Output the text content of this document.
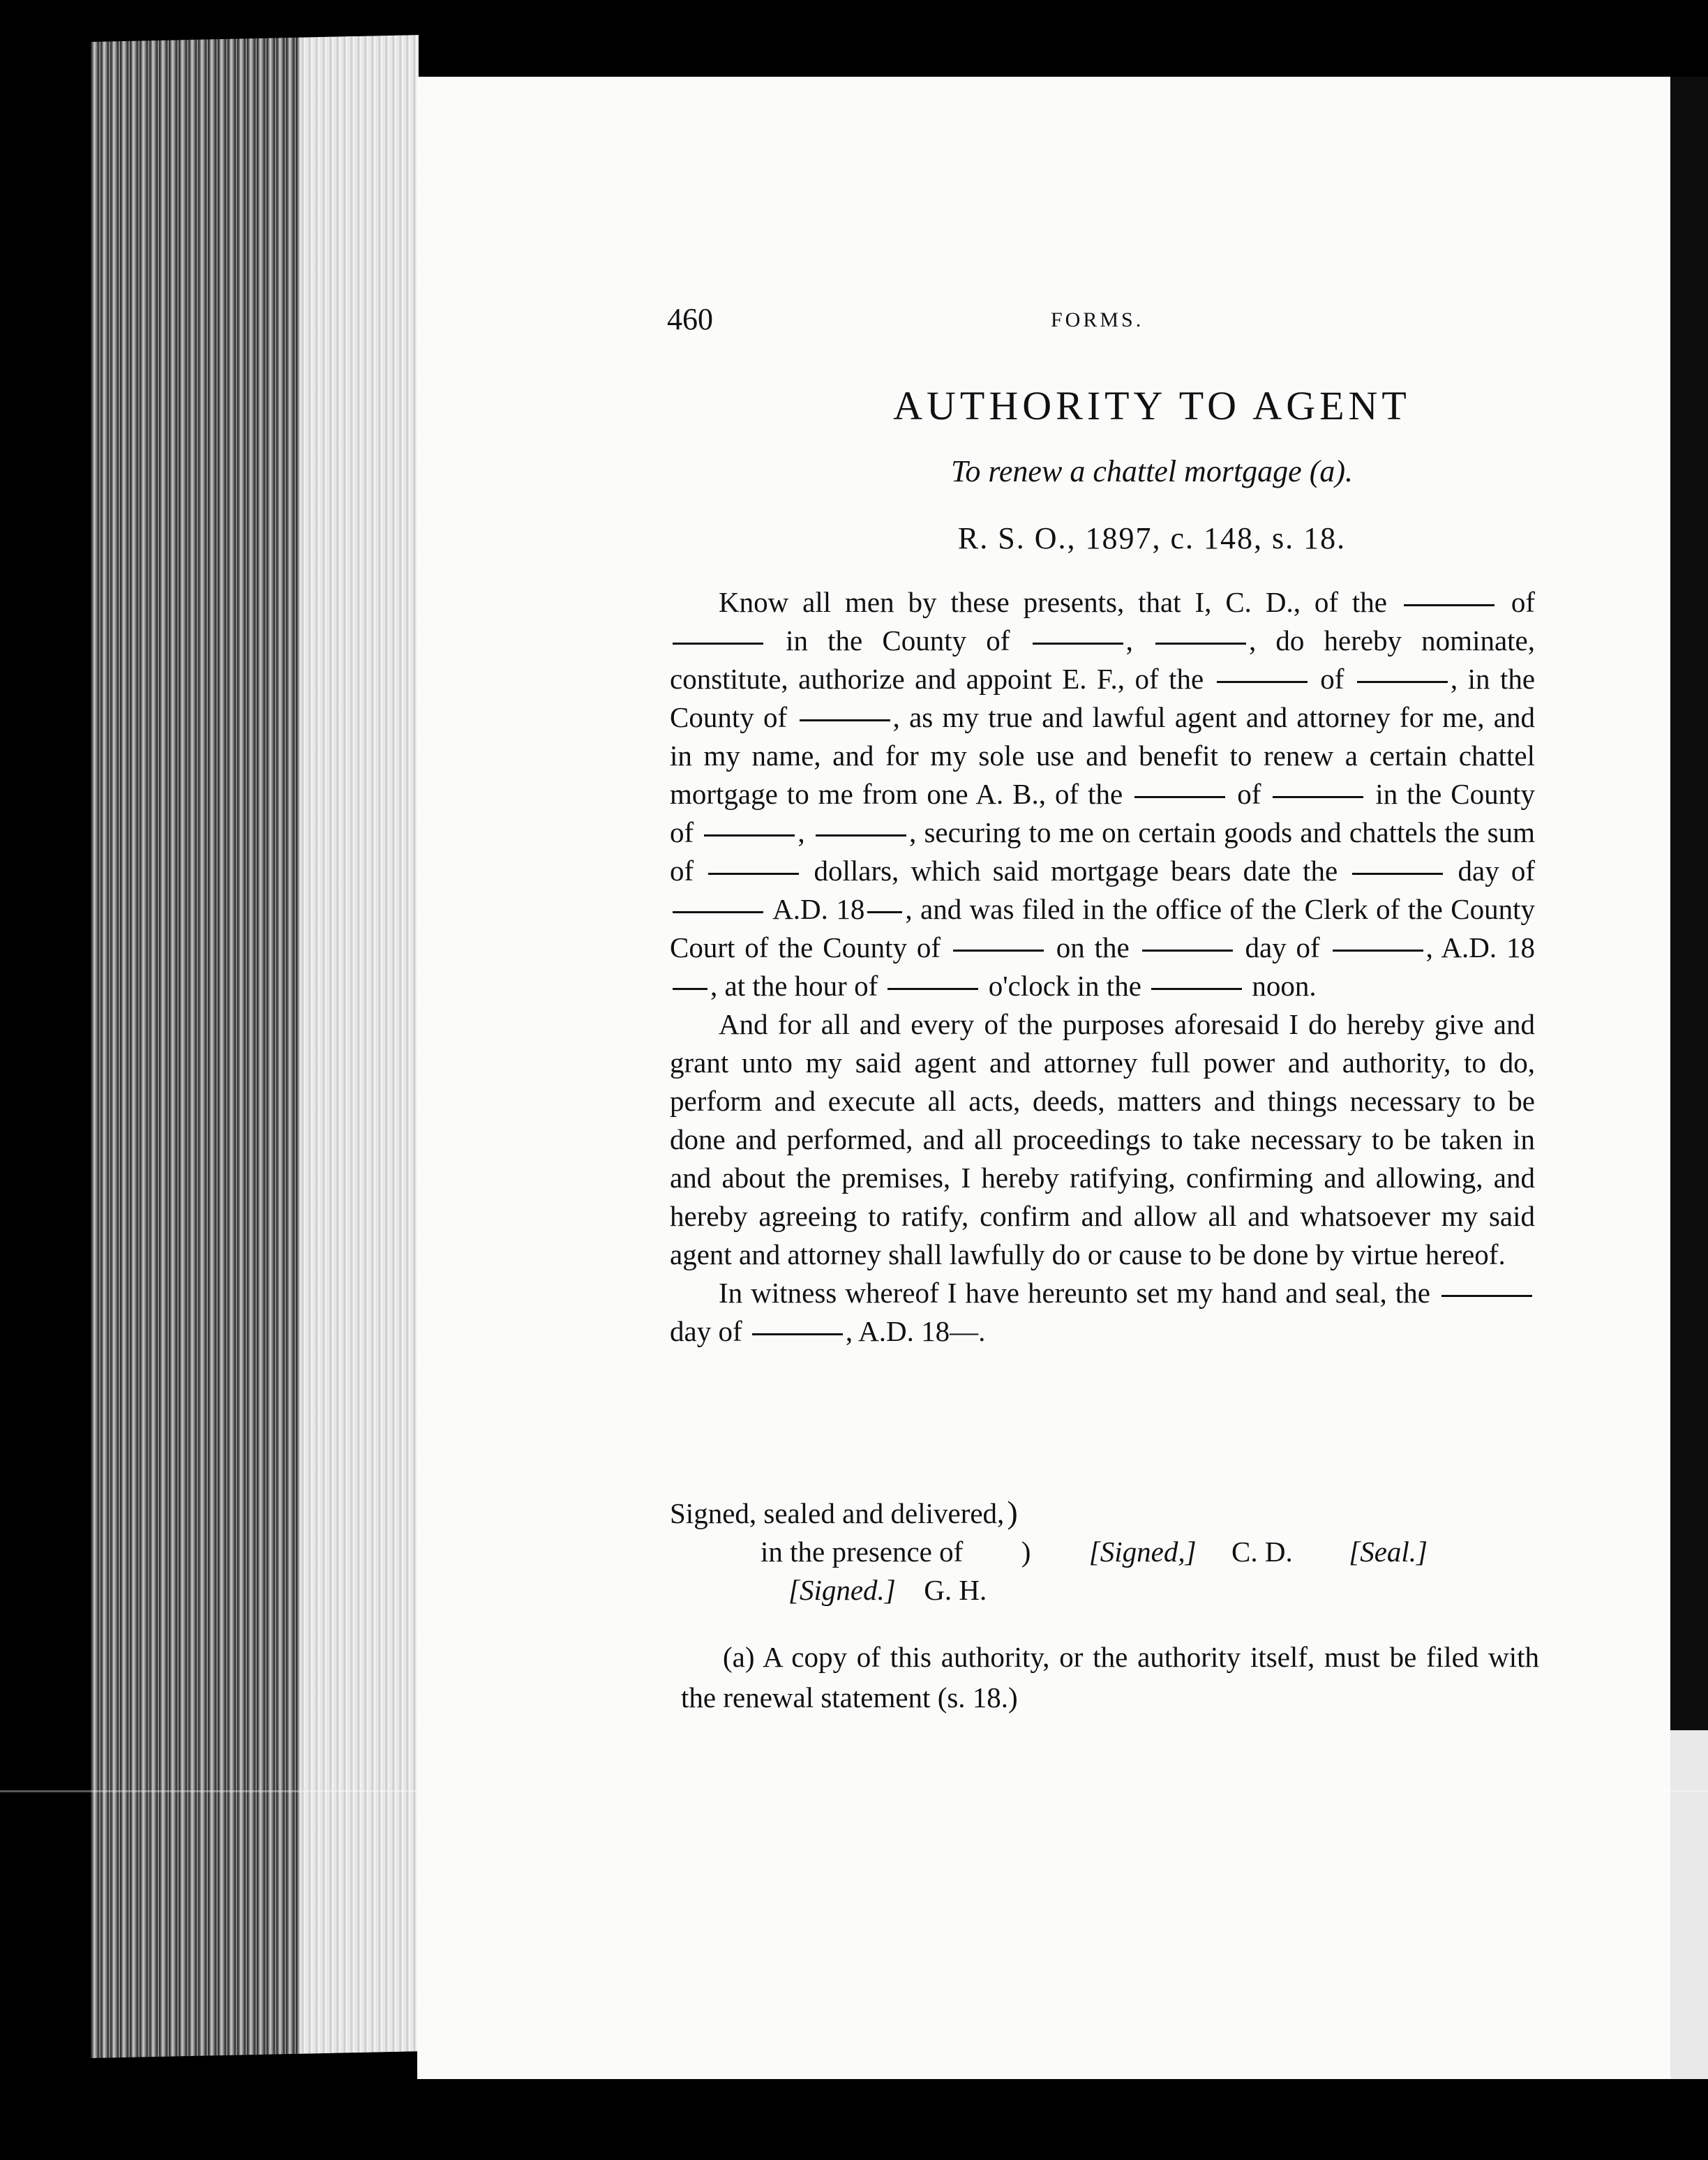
460	FORMS.
AUTHORITY TO AGENT
To renew a chattel mortgage (a).
R. S. O., 1897, c. 148, s. 18.

Know all men by these presents, that I, C. D., of the	of  in the County of	,	, do hereby nominate, constitute, authorize and appoint E. F., of the	of	, in the County of	, as my true and lawful agent and attorney for me, and in my name, and for my sole use and benefit to renew a certain chattel mortgage to me from one A. B., of the	of	in the County of	,	, securing to me on certain goods and chattels the sum of	dollars, which said mortgage bears date the	day of  A.D. 18 , and was filed in the office of the Clerk of the County Court of the County of	on the	day of	, A.D. 18, at the hour of	o'clock in the	noon.

And for all and every of the purposes aforesaid I do hereby give and grant unto my said agent and attorney full power and authority, to do, perform and execute all acts, deeds, matters and things necessary to be done and performed, and all proceedings to take necessary to be taken in and about the premises, I hereby ratifying, confirming and allowing, and hereby agreeing to ratify, confirm and allow all and whatsoever my said agent and attorney shall lawfully do or cause to be done by virtue hereof.

In witness whereof I have hereunto set my hand and seal, the  day of	, A.D. 18—.

Signed, sealed and delivered,)
in the presence of ) [Signed,] C. D. [Seal.]
[Signed.] G. H.

(a) A copy of this authority, or the authority itself, must be filed with the renewal statement (s. 18.)
